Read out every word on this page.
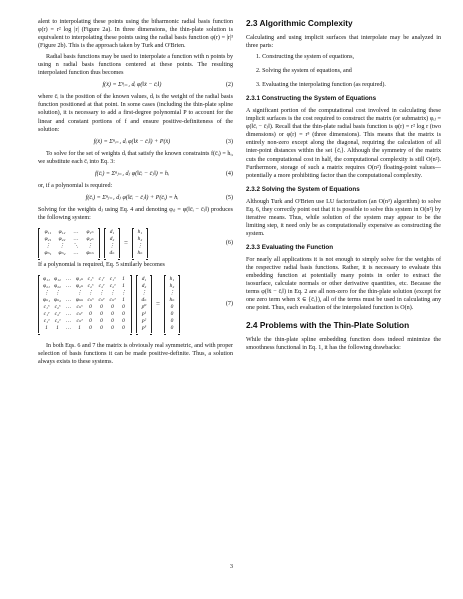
alent to interpolating these points using the biharmonic radial basis function φ(r) = r² log |r| (Figure 2a). In three dimensions, the thin-plate solution is equivalent to interpolating these points using the radial basis function φ(r) = |r|³ (Figure 2b). This is the approach taken by Turk and O'Brien.

Radial basis functions may be used to interpolate a function with n points by using n radial basis functions centered at these points. The resulting interpolated function thus becomes

f(x̄) = Σⁿᵢ₌₁ dᵢ φ(‖x̄ − c̄ᵢ‖)	(2)

where c̄ᵢ is the position of the known values, dᵢ is the weight of the radial basis function positioned at that point. In some cases (including the thin-plate spline solution), it is necessary to add a first-degree polynomial P to account for the linear and constant portions of f and ensure positive-definiteness of the solution:

f(x̄) = Σⁿᵢ₌₁ dᵢ φ(‖x̄ − c̄ᵢ‖) + P(x̄)	(3)

To solve for the set of weights dᵢ that satisfy the known constraints f(c̄ᵢ) = hᵢ, we substitute each c̄ᵢ into Eq. 3:

f(c̄ᵢ) = Σⁿⱼ₌₁ dⱼ φ(‖c̄ᵢ − c̄ⱼ‖) = hᵢ	(4)

or, if a polynomial is required:

f(c̄ᵢ) = Σⁿⱼ₌₁ dⱼ φ(‖c̄ᵢ − c̄ⱼ‖) + P(c̄ᵢ) = hᵢ	(5)

Solving for the weights dⱼ using Eq. 4 and denoting φᵢⱼ = φ(‖c̄ᵢ − c̄ⱼ‖) produces the following system:

φ₁₁	φ₁₂	…	φ₁ₙ
φ₂₁	φ₂₂	…	φ₂ₙ
⋮	⋮	⋱	⋮
φₙ₁	φₙ₂	…	φₙₙ
d₁
d₂
⋮
dₙ
=
h₁
h₂
⋮
hₙ
(6)

If a polynomial is required, Eq. 5 similarly becomes

φ₁₁ φ₁₂ … φ₁ₙ c₁ˣ c₁ʸ c₁ᶻ	1
φ₂₁ φ₂₂ … φ₂ₙ c₂ˣ c₂ʸ c₂ᶻ	1
⋮	⋮	⋮	⋮	⋮	⋮	⋮
φₙ₁ φₙ₂ … φₙₙ cₙˣ cₙʸ cₙᶻ	1
c₁ˣ c₂ˣ	…	cₙˣ	0	0	0	0
c₁ʸ c₂ʸ	…	cₙʸ	0	0	0	0
c₁ᶻ	c₂ᶻ	…	cₙᶻ	0	0	0	0
1	1	…	1	0	0	0	0
d₁
d₂
⋮
dₙ
p⁰
p¹
p²
p³
=
h₁
h₂
⋮
hₙ
0
0
0
0
(7)

In both Eqs. 6 and 7 the matrix is obviously real symmetric, and with proper selection of basis functions it can be made positive-definite. Thus, a solution always exists to these systems.

2.3 Algorithmic Complexity

Calculating and using implicit surfaces that interpolate may be analyzed in three parts:

1. Constructing the system of equations,
2. Solving the system of equations, and
3. Evaluating the interpolating function (as required).
2.3.1 Constructing the System of Equations

A significant portion of the computational cost involved in calculating these implicit surfaces is the cost required to construct the matrix (or submatrix) φᵢⱼ = φ(‖c̄ᵢ − c̄ⱼ‖). Recall that the thin-plate radial basis function is φ(r) = r² log r (two dimensions) or φ(r) = r³ (three dimensions). This means that the matrix is entirely non-zero except along the diagonal, requiring the calculation of all inter-point distances within the set {c̄ᵢ}. Although the symmetry of the matrix cuts the computational cost in half, the computational complexity is still O(n²). Furthermore, storage of such a matrix requires O(n²) floating-point values—potentially a more prohibiting factor than the computational complexity.

2.3.2 Solving the System of Equations

Although Turk and O'Brien use LU factorization (an O(n³) algorithm) to solve Eq. 6, they correctly point out that it is possible to solve this system in O(n²) by iterative means. Thus, while solution of the system may appear to be the limiting step, it need only be as computationally expensive as constructing the system.

2.3.3 Evaluating the Function

For nearly all applications it is not enough to simply solve for the weights of the respective radial basis functions. Rather, it is necessary to evaluate this embedding function at potentially many points in order to extract the isosurface, calculate normals or other derivative quantities, etc. Because the terms φ(‖x̄ − c̄ᵢ‖) in Eq. 2 are all non-zero for the thin-plate solution (except for one zero term when x̄ ∈ {c̄ᵢ}), all of the terms must be used in calculating any one point. Thus, each evaluation of the interpolated function is O(n).

2.4 Problems with the Thin-Plate Solution

While the thin-plate spline embedding function does indeed minimize the smoothness functional in Eq. 1, it has the following drawbacks:

3
